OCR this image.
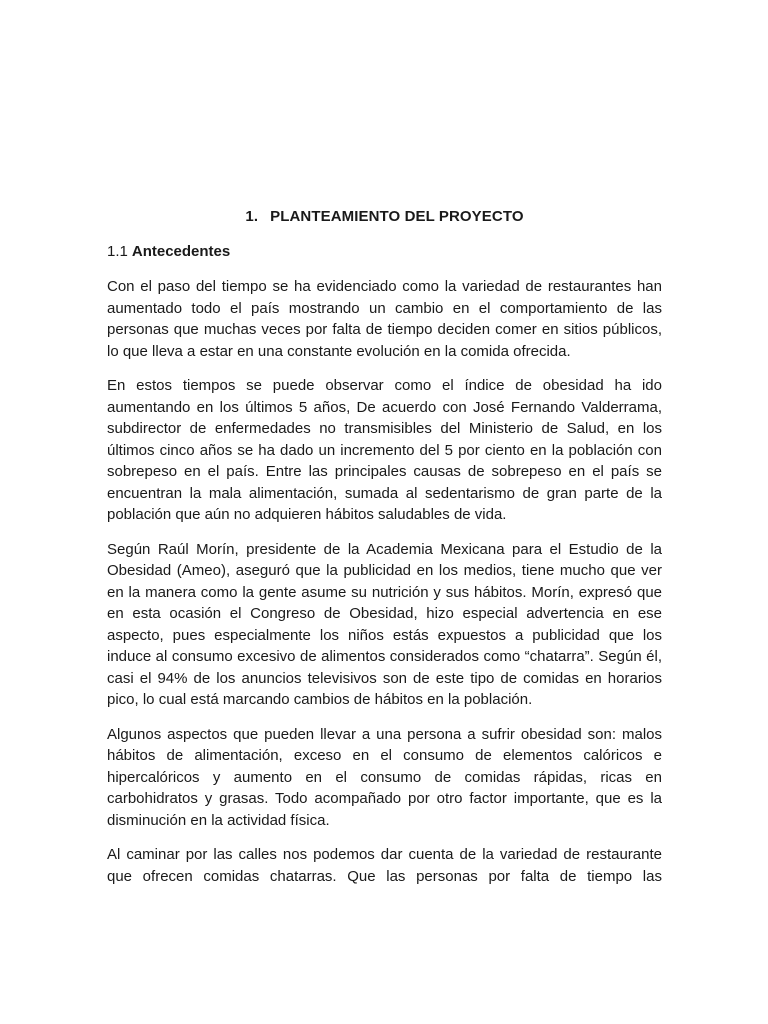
1. PLANTEAMIENTO DEL PROYECTO
1.1 Antecedentes

Con el paso del tiempo se ha evidenciado como la variedad de restaurantes han aumentado todo el país mostrando un cambio en el comportamiento de las personas que muchas veces por falta de tiempo deciden comer en sitios públicos, lo que lleva a estar en una constante evolución en la comida ofrecida.

En estos tiempos se puede observar como el índice de obesidad ha ido aumentando en los últimos 5 años, De acuerdo con José Fernando Valderrama, subdirector de enfermedades no transmisibles del Ministerio de Salud, en los últimos cinco años se ha dado un incremento del 5 por ciento en la población con sobrepeso en el país. Entre las principales causas de sobrepeso en el país se encuentran la mala alimentación, sumada al sedentarismo de gran parte de la población que aún no adquieren hábitos saludables de vida.

Según Raúl Morín, presidente de la Academia Mexicana para el Estudio de la Obesidad (Ameo), aseguró que la publicidad en los medios, tiene mucho que ver en la manera como la gente asume su nutrición y sus hábitos. Morín, expresó que en esta ocasión el Congreso de Obesidad, hizo especial advertencia en ese aspecto, pues especialmente los niños estás expuestos a publicidad que los induce al consumo excesivo de alimentos considerados como “chatarra”. Según él, casi el 94% de los anuncios televisivos son de este tipo de comidas en horarios pico, lo cual está marcando cambios de hábitos en la población.

Algunos aspectos que pueden llevar a una persona a sufrir obesidad son: malos hábitos de alimentación, exceso en el consumo de elementos calóricos e hipercalóricos y aumento en el consumo de comidas rápidas, ricas en carbohidratos y grasas. Todo acompañado por otro factor importante, que es la disminución en la actividad física.

Al caminar por las calles nos podemos dar cuenta de la variedad de restaurante que ofrecen comidas chatarras. Que las personas por falta de tiempo las
